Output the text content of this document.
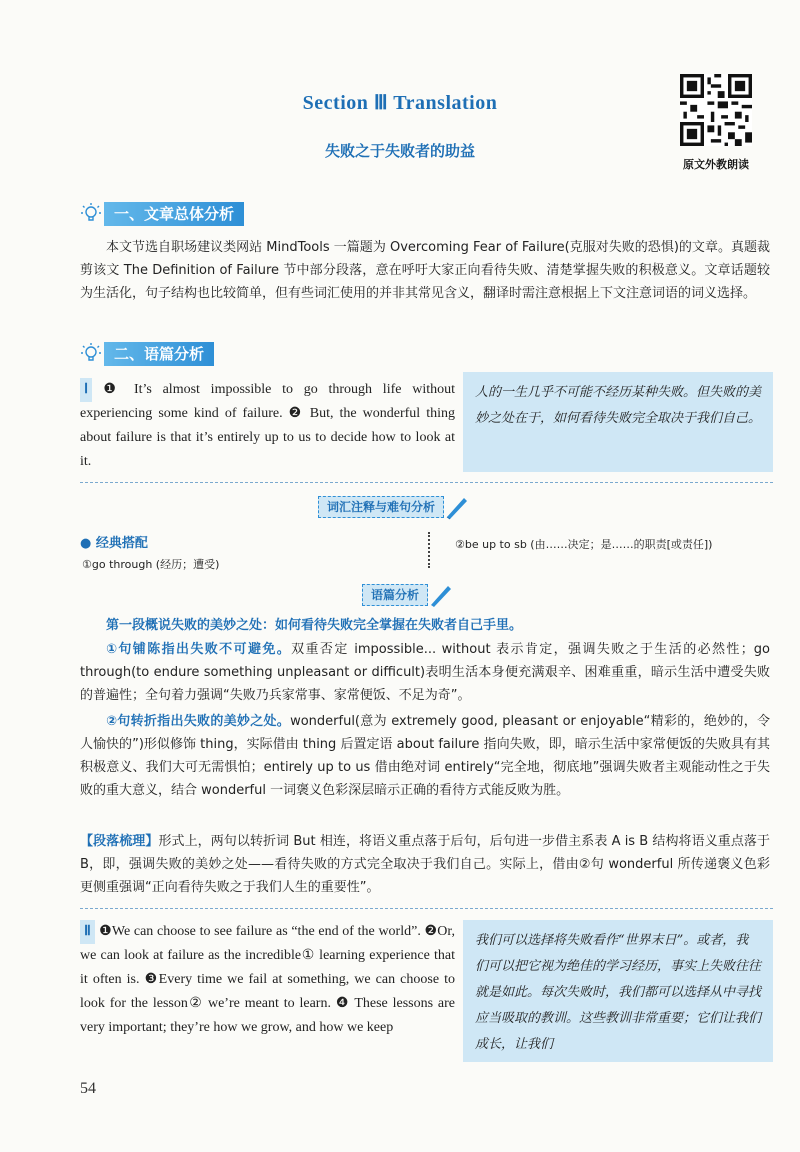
Section Ⅲ Translation
失败之于失败者的助益
原文外教朗读
一、文章总体分析
本文节选自职场建议类网站 MindTools 一篇题为 Overcoming Fear of Failure(克服对失败的恐惧)的文章。真题裁剪该文 The Definition of Failure 节中部分段落，意在呼吁大家正向看待失败、清楚掌握失败的积极意义。文章话题较为生活化，句子结构也比较简单，但有些词汇使用的并非其常见含义，翻译时需注意根据上下文注意词语的词义选择。
二、语篇分析
Ⅰ ❶ It’s almost impossible to go through life without experiencing some kind of failure. ❷ But, the wonderful thing about failure is that it’s entirely up to us to decide how to look at it.
人的一生几乎不可能不经历某种失败。但失败的美妙之处在于，如何看待失败完全取决于我们自己。
词汇注释与难句分析
● 经典搭配
①go through (经历；遭受)
②be up to sb (由……决定；是……的职责[或责任])
语篇分析
第一段概说失败的美妙之处：如何看待失败完全掌握在失败者自己手里。
①句铺陈指出失败不可避免。双重否定 impossible... without 表示肯定，强调失败之于生活的必然性；go through(to endure something unpleasant or difficult)表明生活本身便充满艰辛、困难重重，暗示生活中遭受失败的普遍性；全句着力强调“失败乃兵家常事、家常便饭、不足为奇”。
②句转折指出失败的美妙之处。wonderful(意为 extremely good, pleasant or enjoyable“精彩的，绝妙的，令人愉快的”)形似修饰 thing，实际借由 thing 后置定语 about failure 指向失败，即，暗示生活中家常便饭的失败具有其积极意义、我们大可无需惧怕；entirely up to us 借由绝对词 entirely“完全地，彻底地”强调失败者主观能动性之于失败的重大意义，结合 wonderful 一词褒义色彩深层暗示正确的看待方式能反败为胜。
【段落梳理】形式上，两句以转折词 But 相连，将语义重点落于后句，后句进一步借主系表 A is B 结构将语义重点落于 B，即，强调失败的美妙之处——看待失败的方式完全取决于我们自己。实际上，借由②句 wonderful 所传递褒义色彩更侧重强调“正向看待失败之于我们人生的重要性”。
Ⅱ ❶We can choose to see failure as “the end of the world”. ❷Or, we can look at failure as the incredible① learning experience that it often is. ❸Every time we fail at something, we can choose to look for the lesson② we’re meant to learn. ❹ These lessons are very important; they’re how we grow, and how we keep
我们可以选择将失败看作“世界末日”。或者，我们可以把它视为绝佳的学习经历，事实上失败往往就是如此。每次失败时，我们都可以选择从中寻找应当吸取的教训。这些教训非常重要；它们让我们成长，让我们
54
